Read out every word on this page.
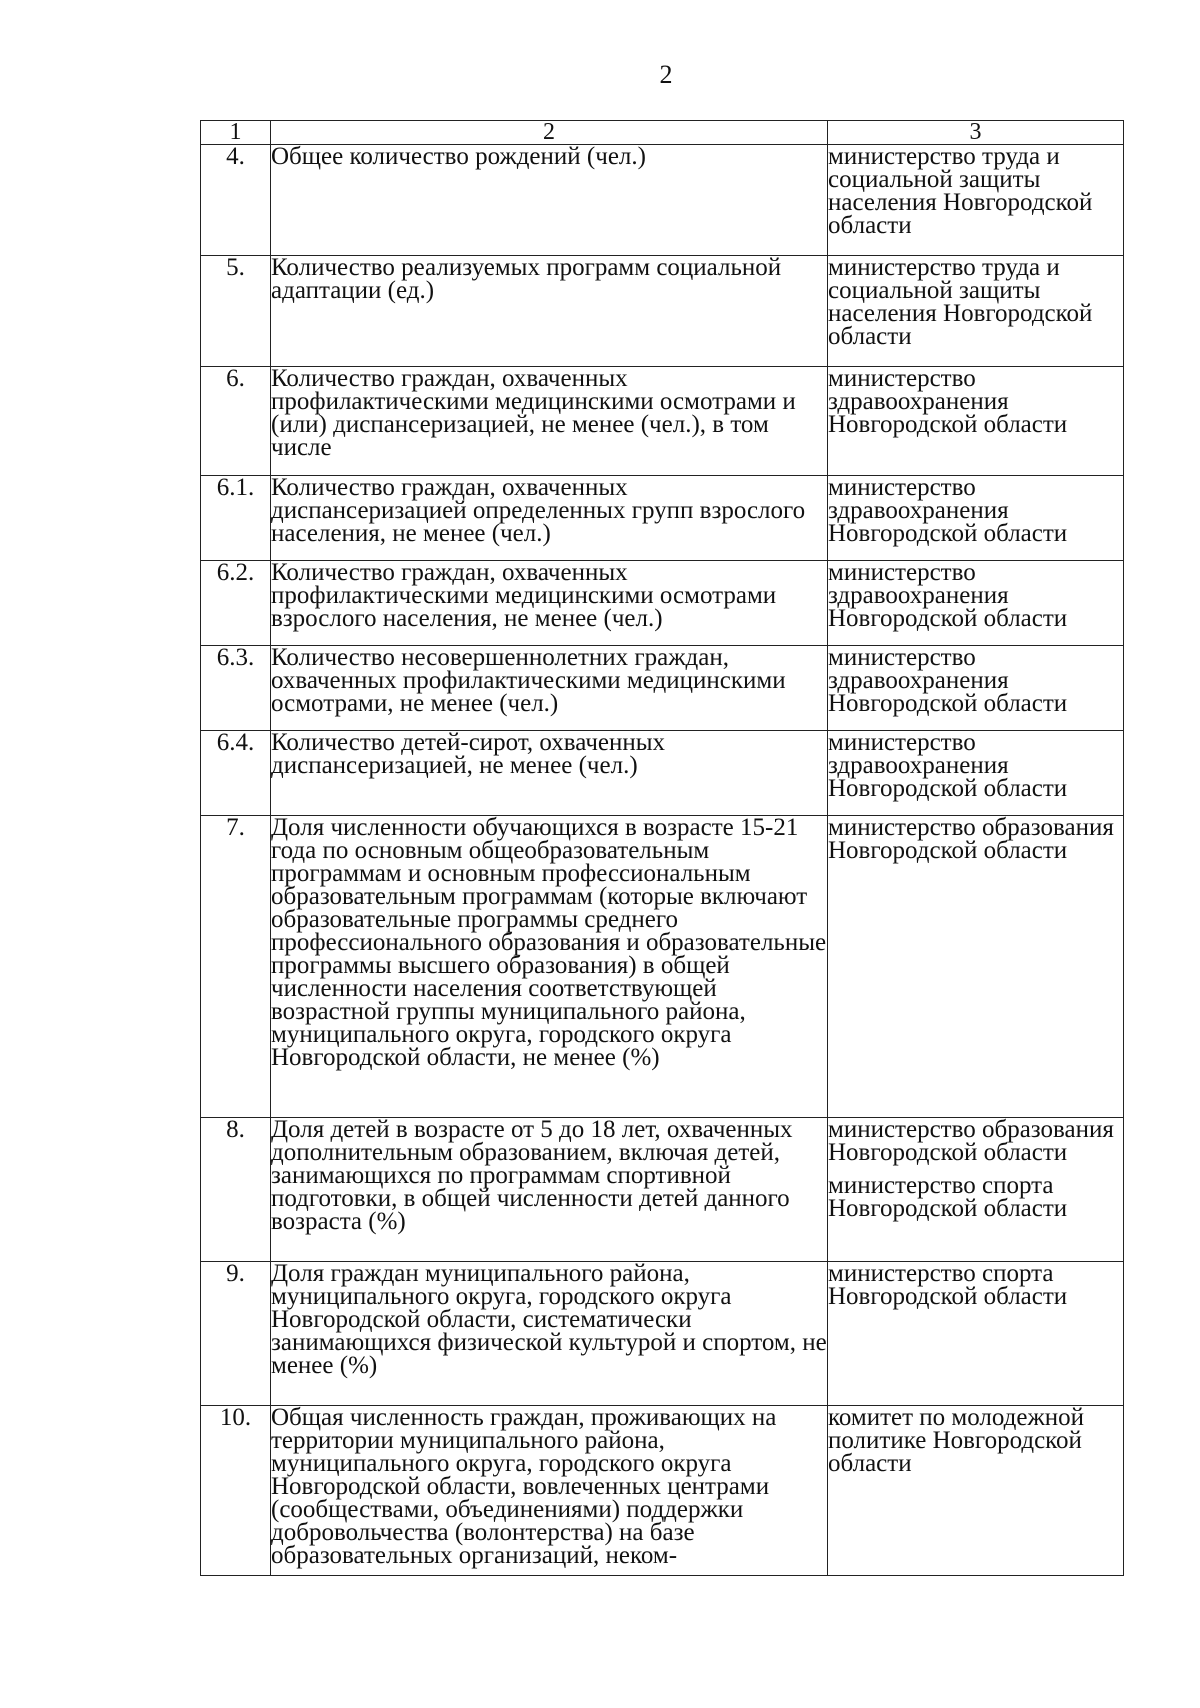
2
1	2	3
4.	Общее количество рождений (чел.)	министерство труда и социальной защиты населения Новгородской области

5.	Количество реализуемых программ социальной адаптации (ед.)	министерство труда и социальной защиты населения Новгородской области

6.	Количество граждан, охваченных профилактическими медицинскими осмотрами и (или) диспансеризацией, не менее (чел.), в том числе	министерство здравоохранения Новгородской области

6.1.	Количество граждан, охваченных диспансеризацией определенных групп взрослого населения, не менее (чел.)	министерство здравоохранения Новгородской области

6.2.	Количество граждан, охваченных профилактическими медицинскими осмотрами взрослого населения, не менее (чел.)	министерство здравоохранения Новгородской области

6.3.	Количество несовершеннолетних граждан, охваченных профилактическими медицинскими осмотрами, не менее (чел.)	министерство здравоохранения Новгородской области

6.4.	Количество детей-сирот, охваченных диспансеризацией, не менее (чел.)	министерство здравоохранения Новгородской области

7.	Доля численности обучающихся в возрасте 15-21 года по основным общеобразовательным программам и основным профессиональным образовательным программам (которые включают образовательные программы среднего профессионального образования и образовательные программы высшего образования) в общей численности населения соответствующей возрастной группы муниципального района, муниципального округа, городского округа Новгородской области, не менее (%)	министерство образования Новгородской области

8.	Доля детей в возрасте от 5 до 18 лет, охваченных дополнительным образованием, включая детей, занимающихся по программам спортивной подготовки, в общей численности детей данного возраста (%)	министерство образования Новгородской области
министерство спорта Новгородской области

9.	Доля граждан муниципального района, муниципального округа, городского округа Новгородской области, систематически занимающихся физической культурой и спортом, не менее (%)	министерство спорта Новгородской области

10.	Общая численность граждан, проживающих на территории муниципального района, муниципального округа, городского округа Новгородской области, вовлеченных центрами (сообществами, объединениями) поддержки добровольчества (волонтерства) на базе образовательных организаций, неком-	комитет по молодежной политике Новгородской области
